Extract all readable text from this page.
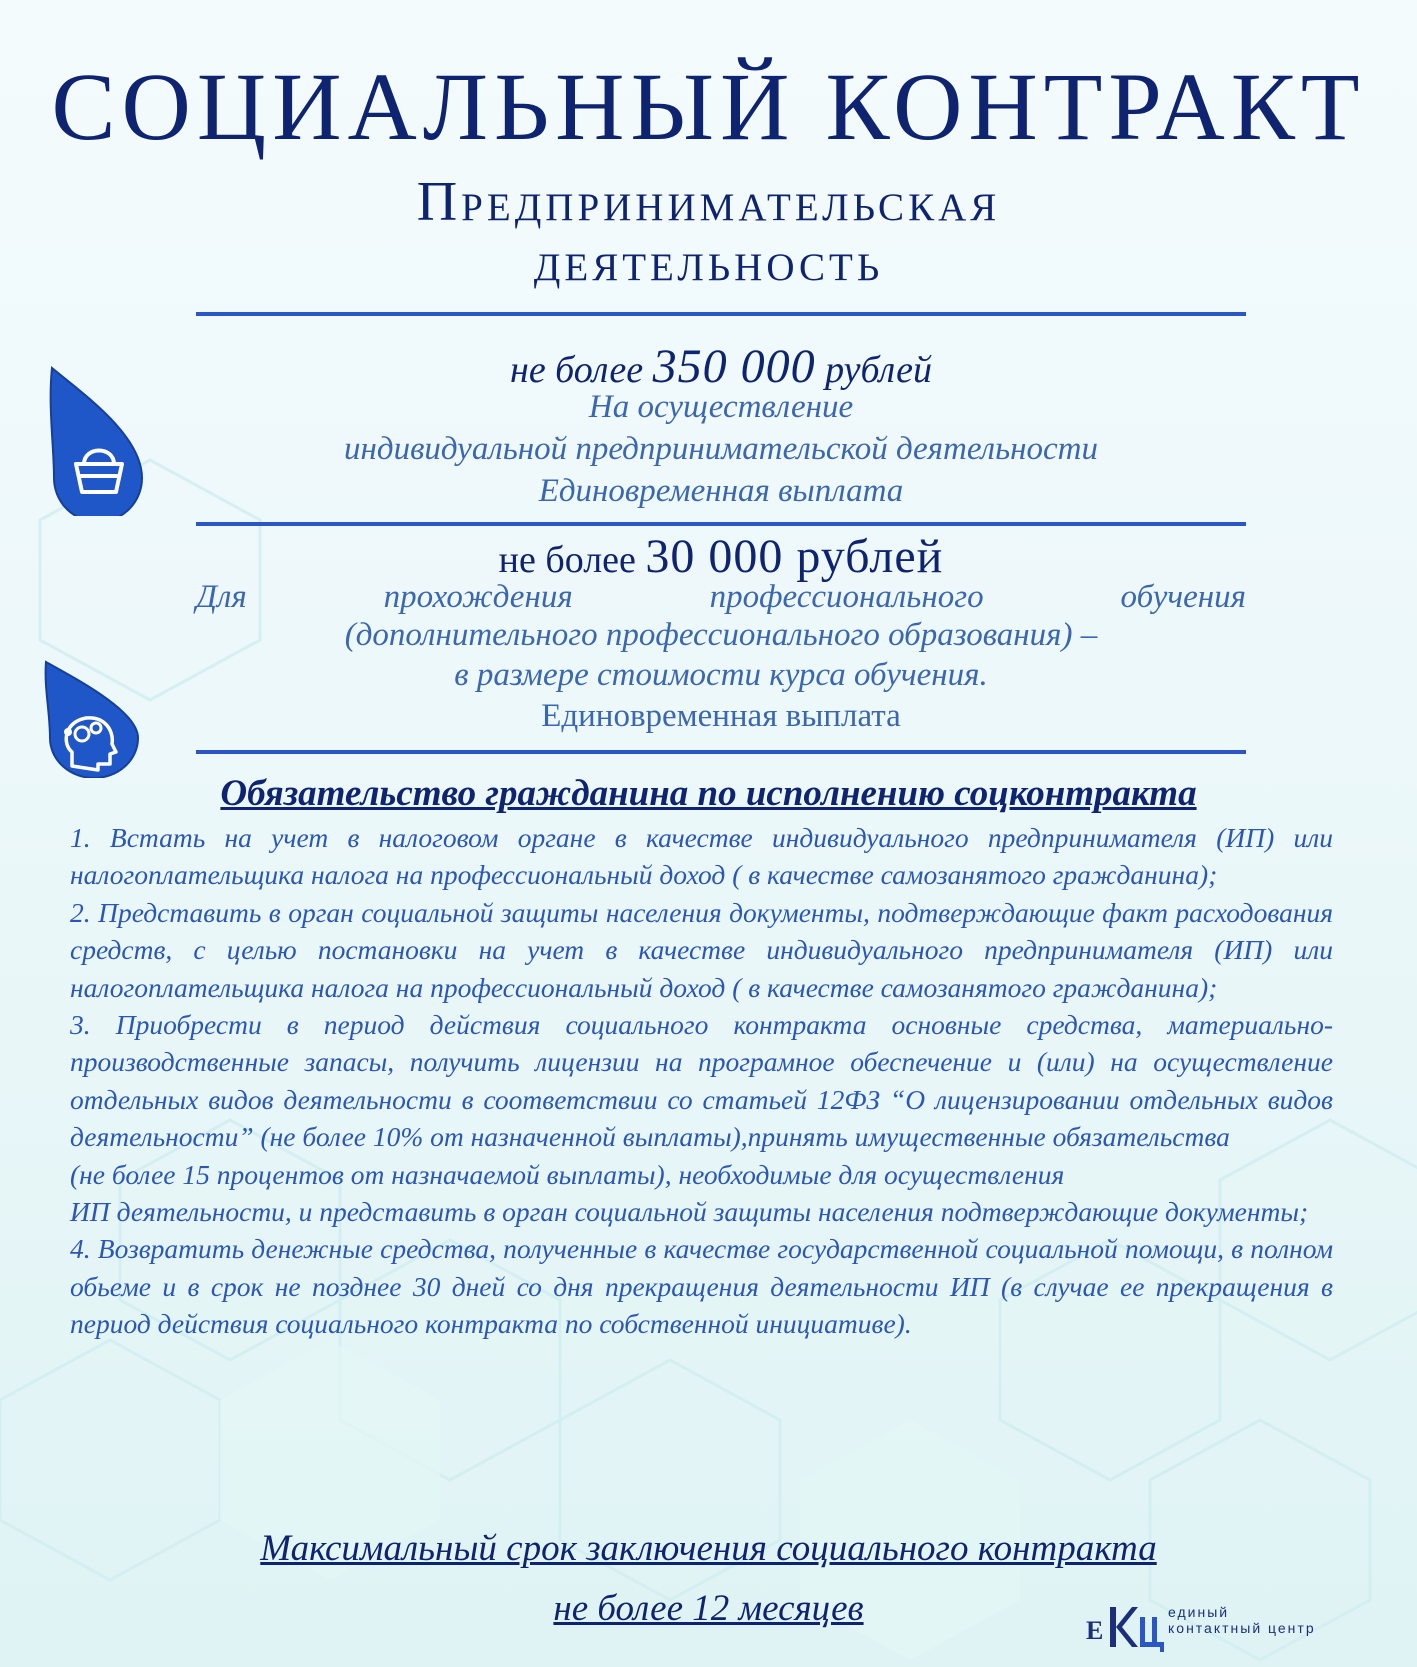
СОЦИАЛЬНЫЙ КОНТРАКТ
Предпринимательская
деятельность
не более 350 000 рублей
На осуществление
индивидуальной предпринимательской деятельности
Единовременная выплата
не более 30 000 рублей
Для прохождения профессионального обучения
(дополнительного профессионального образования) –
в размере стоимости курса обучения.
Единовременная выплата
Обязательство гражданина по исполнению соцконтракта

1. Встать на учет в налоговом органе в качестве индивидуального предпринимателя (ИП) или налогоплательщика налога на профессиональный доход ( в качестве самозанятого гражданина);

2. Представить в орган социальной защиты населения документы, подтверждающие факт расходования средств, с целью постановки на учет в качестве индивидуального предпринимателя (ИП) или налогоплательщика налога на профессиональный доход ( в качестве самозанятого гражданина);

3. Приобрести в период действия социального контракта основные средства, материально-производственные запасы, получить лицензии на програмное обеспечение и (или) на осуществление отдельных видов деятельности в соответствии со статьей 12ФЗ “О лицензировании отдельных видов деятельности” (не более 10% от назначенной выплаты),принять имущественные обязательства

(не более 15 процентов от назначаемой выплаты), необходимые для осуществления

ИП деятельности, и представить в орган социальной защиты населения подтверждающие документы;

4. Возвратить денежные средства, полученные в качестве государственной социальной помощи, в полном обьеме и в срок не позднее 30 дней со дня прекращения деятельности ИП (в случае ее прекращения в период действия социального контракта по собственной инициативе).

Максимальный срок заключения социального контракта
не более 12 месяцев
Е
единый
контактный центр
